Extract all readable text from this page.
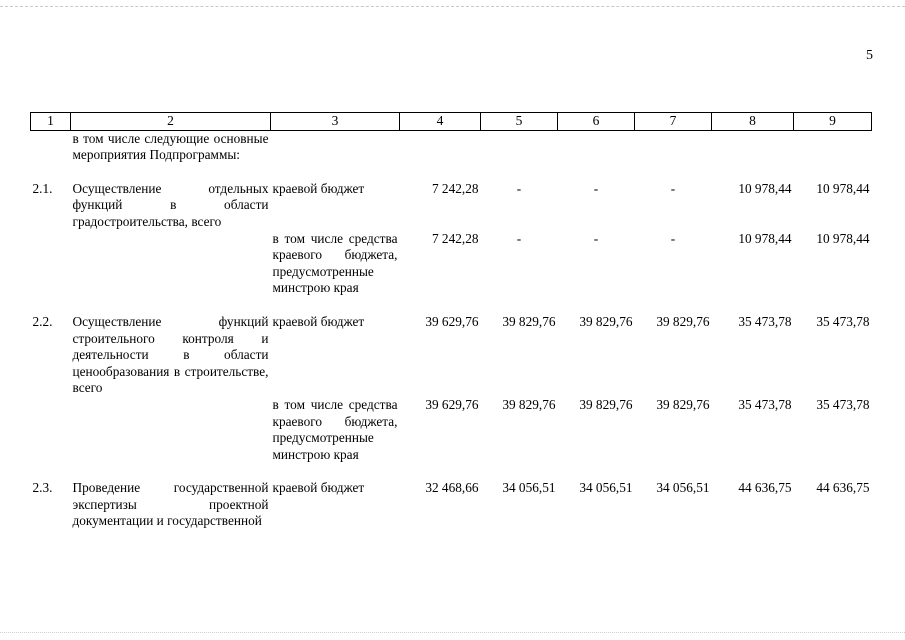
5
1	2	3	4	5	6	7	8	9
	в том числе следующие основные мероприятия Подпрограммы:							

2.1.	Осуществление отдельных функций в области градостроительства, всего	краевой бюджет	7 242,28	-	-	-	10 978,44	10 978,44
		в том числе средства краевого бюджета, предусмотренные минстрою края	7 242,28	-	-	-	10 978,44	10 978,44

2.2.	Осуществление функций строительного контроля и деятельности в области ценообразования в строительстве, всего	краевой бюджет	39 629,76	39 829,76	39 829,76	39 829,76	35 473,78	35 473,78
		в том числе средства краевого бюджета, предусмотренные минстрою края	39 629,76	39 829,76	39 829,76	39 829,76	35 473,78	35 473,78

2.3.	Проведение государственной экспертизы проектной документации и государственной	краевой бюджет	32 468,66	34 056,51	34 056,51	34 056,51	44 636,75	44 636,75
